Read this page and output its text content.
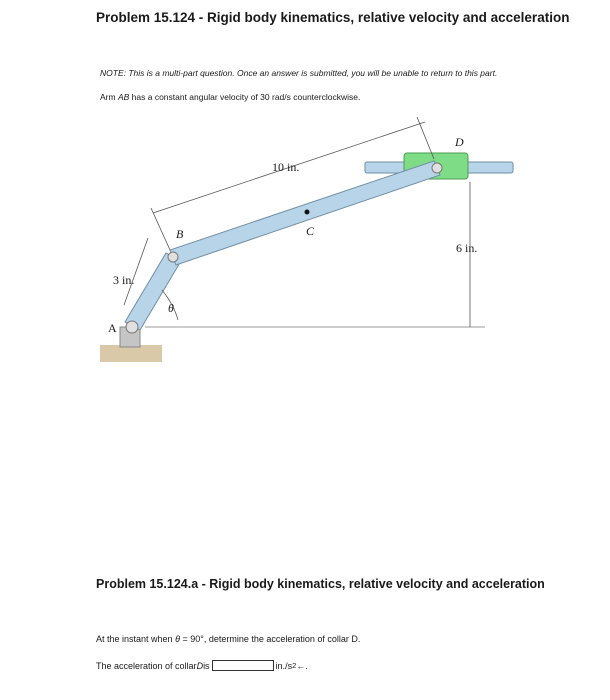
Problem 15.124 - Rigid body kinematics, relative velocity and acceleration

NOTE: This is a multi-part question. Once an answer is submitted, you will be unable to return to this part.

Arm AB has a constant angular velocity of 30 rad/s counterclockwise.

10 in.
3 in.
6 in.
A
B	C
D
θ
Problem 15.124.a - Rigid body kinematics, relative velocity and acceleration

At the instant when θ = 90°, determine the acceleration of collar D.

The acceleration of collar D is	in./s 2 ←.
